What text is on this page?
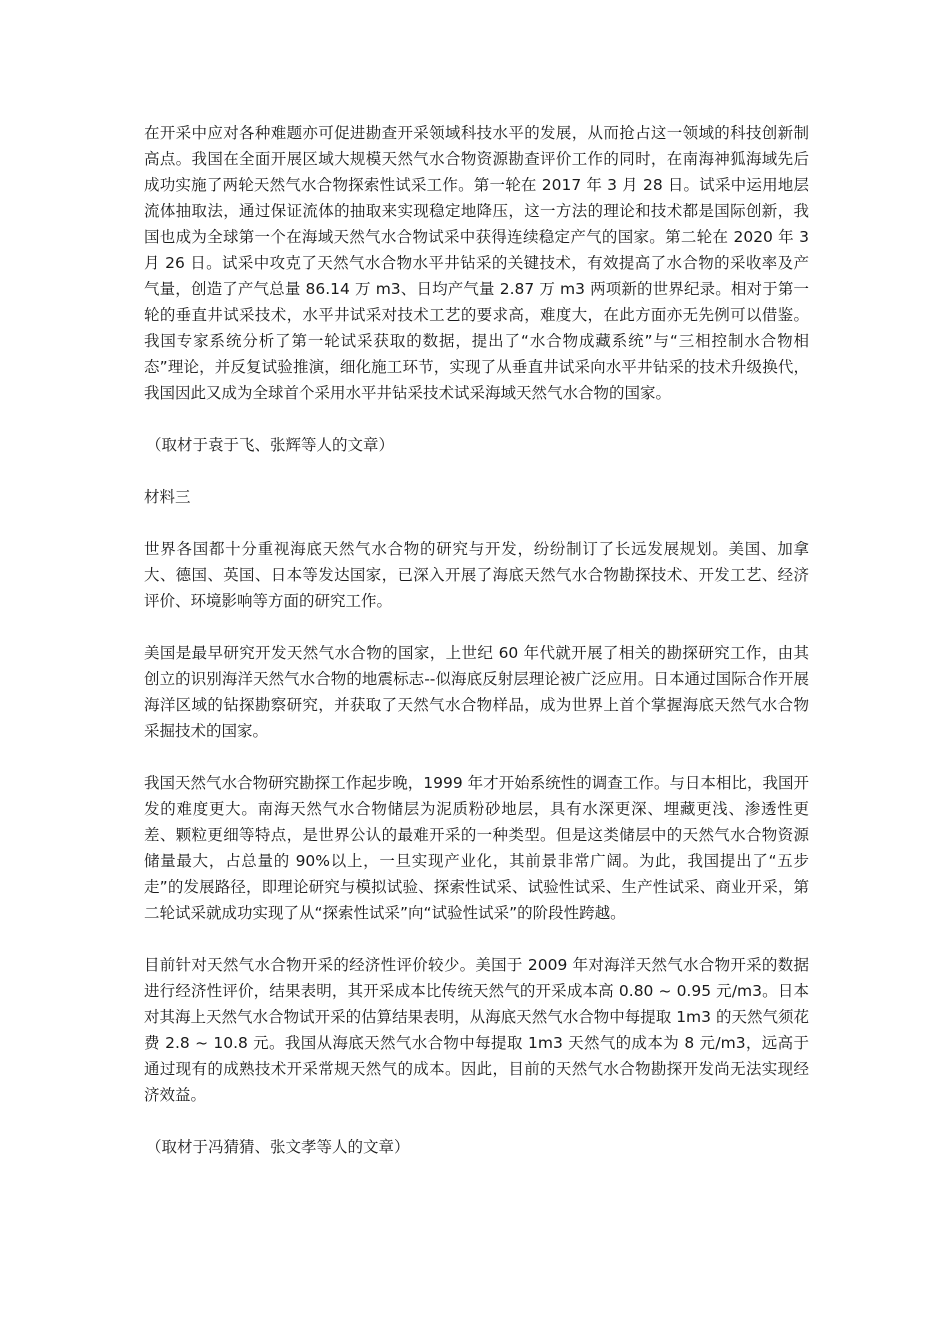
在开采中应对各种难题亦可促进勘查开采领域科技水平的发展，从而抢占这一领域的科技创新制高点。我国在全面开展区域大规模天然气水合物资源勘查评价工作的同时，在南海神狐海域先后成功实施了两轮天然气水合物探索性试采工作。第一轮在 2017 年 3 月 28 日。试采中运用地层流体抽取法，通过保证流体的抽取来实现稳定地降压，这一方法的理论和技术都是国际创新，我国也成为全球第一个在海域天然气水合物试采中获得连续稳定产气的国家。第二轮在 2020 年 3 月 26 日。试采中攻克了天然气水合物水平井钻采的关键技术，有效提高了水合物的采收率及产气量，创造了产气总量 86.14 万 m3、日均产气量 2.87 万 m3 两项新的世界纪录。相对于第一轮的垂直井试采技术，水平井试采对技术工艺的要求高，难度大，在此方面亦无先例可以借鉴。我国专家系统分析了第一轮试采获取的数据，提出了“水合物成藏系统”与“三相控制水合物相态”理论，并反复试验推演，细化施工环节，实现了从垂直井试采向水平井钻采的技术升级换代，我国因此又成为全球首个采用水平井钻采技术试采海域天然气水合物的国家。

（取材于袁于飞、张辉等人的文章）

材料三

世界各国都十分重视海底天然气水合物的研究与开发，纷纷制订了长远发展规划。美国、加拿大、德国、英国、日本等发达国家，已深入开展了海底天然气水合物勘探技术、开发工艺、经济评价、环境影响等方面的研究工作。

美国是最早研究开发天然气水合物的国家，上世纪 60 年代就开展了相关的勘探研究工作，由其创立的识别海洋天然气水合物的地震标志--似海底反射层理论被广泛应用。日本通过国际合作开展海洋区域的钻探勘察研究，并获取了天然气水合物样品，成为世界上首个掌握海底天然气水合物采掘技术的国家。

我国天然气水合物研究勘探工作起步晚，1999 年才开始系统性的调查工作。与日本相比，我国开发的难度更大。南海天然气水合物储层为泥质粉砂地层，具有水深更深、埋藏更浅、渗透性更差、颗粒更细等特点，是世界公认的最难开采的一种类型。但是这类储层中的天然气水合物资源储量最大，占总量的 90%以上，一旦实现产业化，其前景非常广阔。为此，我国提出了“五步走”的发展路径，即理论研究与模拟试验、探索性试采、试验性试采、生产性试采、商业开采，第二轮试采就成功实现了从“探索性试采”向“试验性试采”的阶段性跨越。

目前针对天然气水合物开采的经济性评价较少。美国于 2009 年对海洋天然气水合物开采的数据进行经济性评价，结果表明，其开采成本比传统天然气的开采成本高 0.80 ~ 0.95 元/m3。日本对其海上天然气水合物试开采的估算结果表明，从海底天然气水合物中每提取 1m3 的天然气须花费 2.8 ~ 10.8 元。我国从海底天然气水合物中每提取 1m3 天然气的成本为 8 元/m3，远高于通过现有的成熟技术开采常规天然气的成本。因此，目前的天然气水合物勘探开发尚无法实现经济效益。

（取材于冯猜猜、张文孝等人的文章）
